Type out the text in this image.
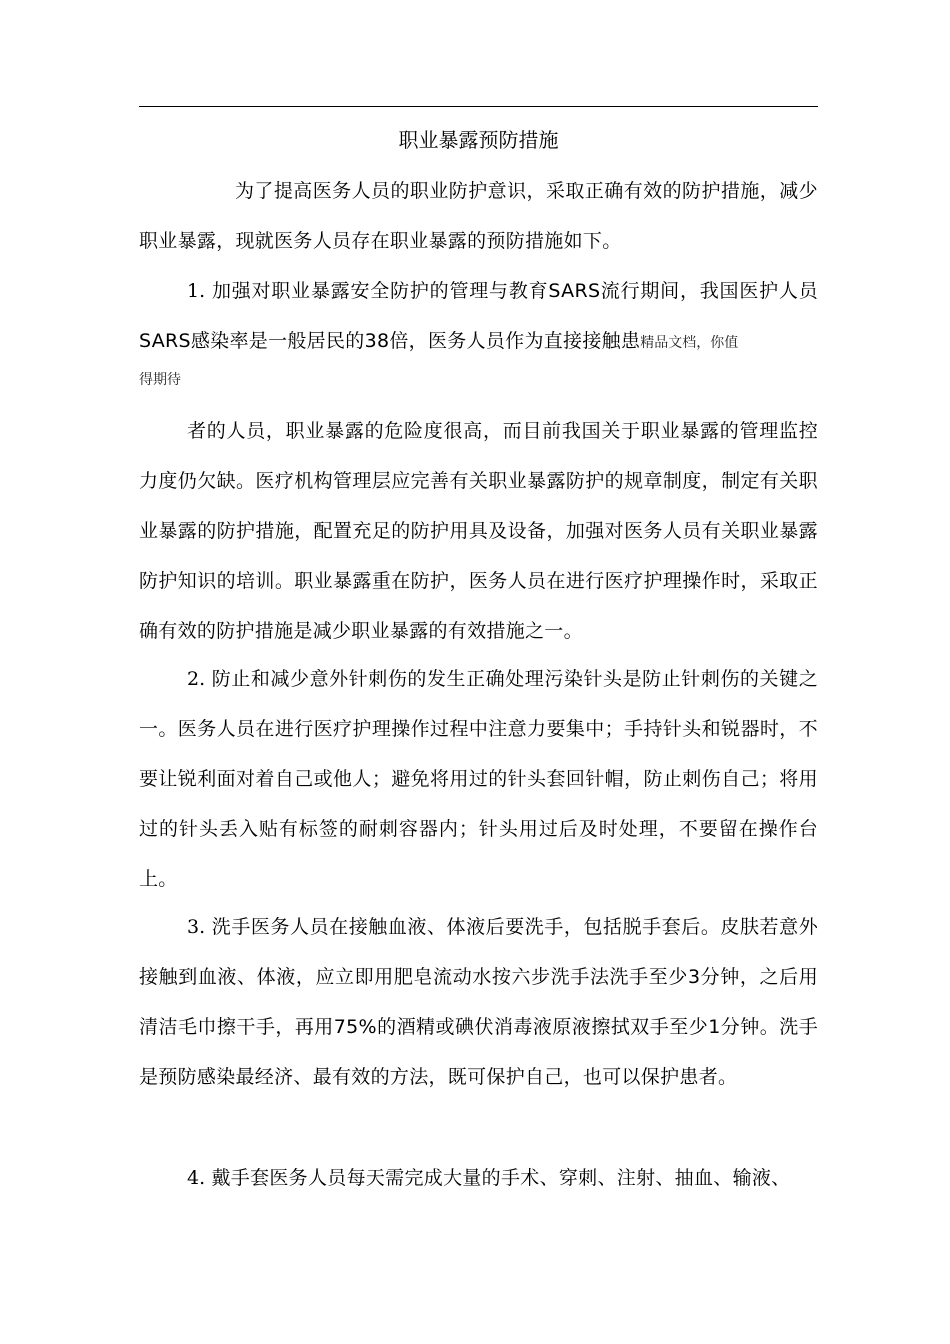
职业暴露预防措施
为了提高医务人员的职业防护意识，采取正确有效的防护措施，减少职业暴露，现就医务人员存在职业暴露的预防措施如下。
1. 加强对职业暴露安全防护的管理与教育SARS流行期间，我国医护人员SARS感染率是一般居民的38倍，医务人员作为直接接触患精品文档，你值
得期待
者的人员，职业暴露的危险度很高，而目前我国关于职业暴露的管理监控力度仍欠缺。医疗机构管理层应完善有关职业暴露防护的规章制度，制定有关职业暴露的防护措施，配置充足的防护用具及设备，加强对医务人员有关职业暴露防护知识的培训。职业暴露重在防护，医务人员在进行医疗护理操作时，采取正确有效的防护措施是减少职业暴露的有效措施之一。
2. 防止和减少意外针刺伤的发生正确处理污染针头是防止针刺伤的关键之一。医务人员在进行医疗护理操作过程中注意力要集中；手持针头和锐器时，不要让锐利面对着自己或他人；避免将用过的针头套回针帽，防止刺伤自己；将用过的针头丢入贴有标签的耐刺容器内；针头用过后及时处理，不要留在操作台上。
3. 洗手医务人员在接触血液、体液后要洗手，包括脱手套后。皮肤若意外接触到血液、体液，应立即用肥皂流动水按六步洗手法洗手至少3分钟，之后用清洁毛巾擦干手，再用75%的酒精或碘伏消毒液原液擦拭双手至少1分钟。洗手是预防感染最经济、最有效的方法，既可保护自己，也可以保护患者。
4. 戴手套医务人员每天需完成大量的手术、穿刺、注射、抽血、输液、
